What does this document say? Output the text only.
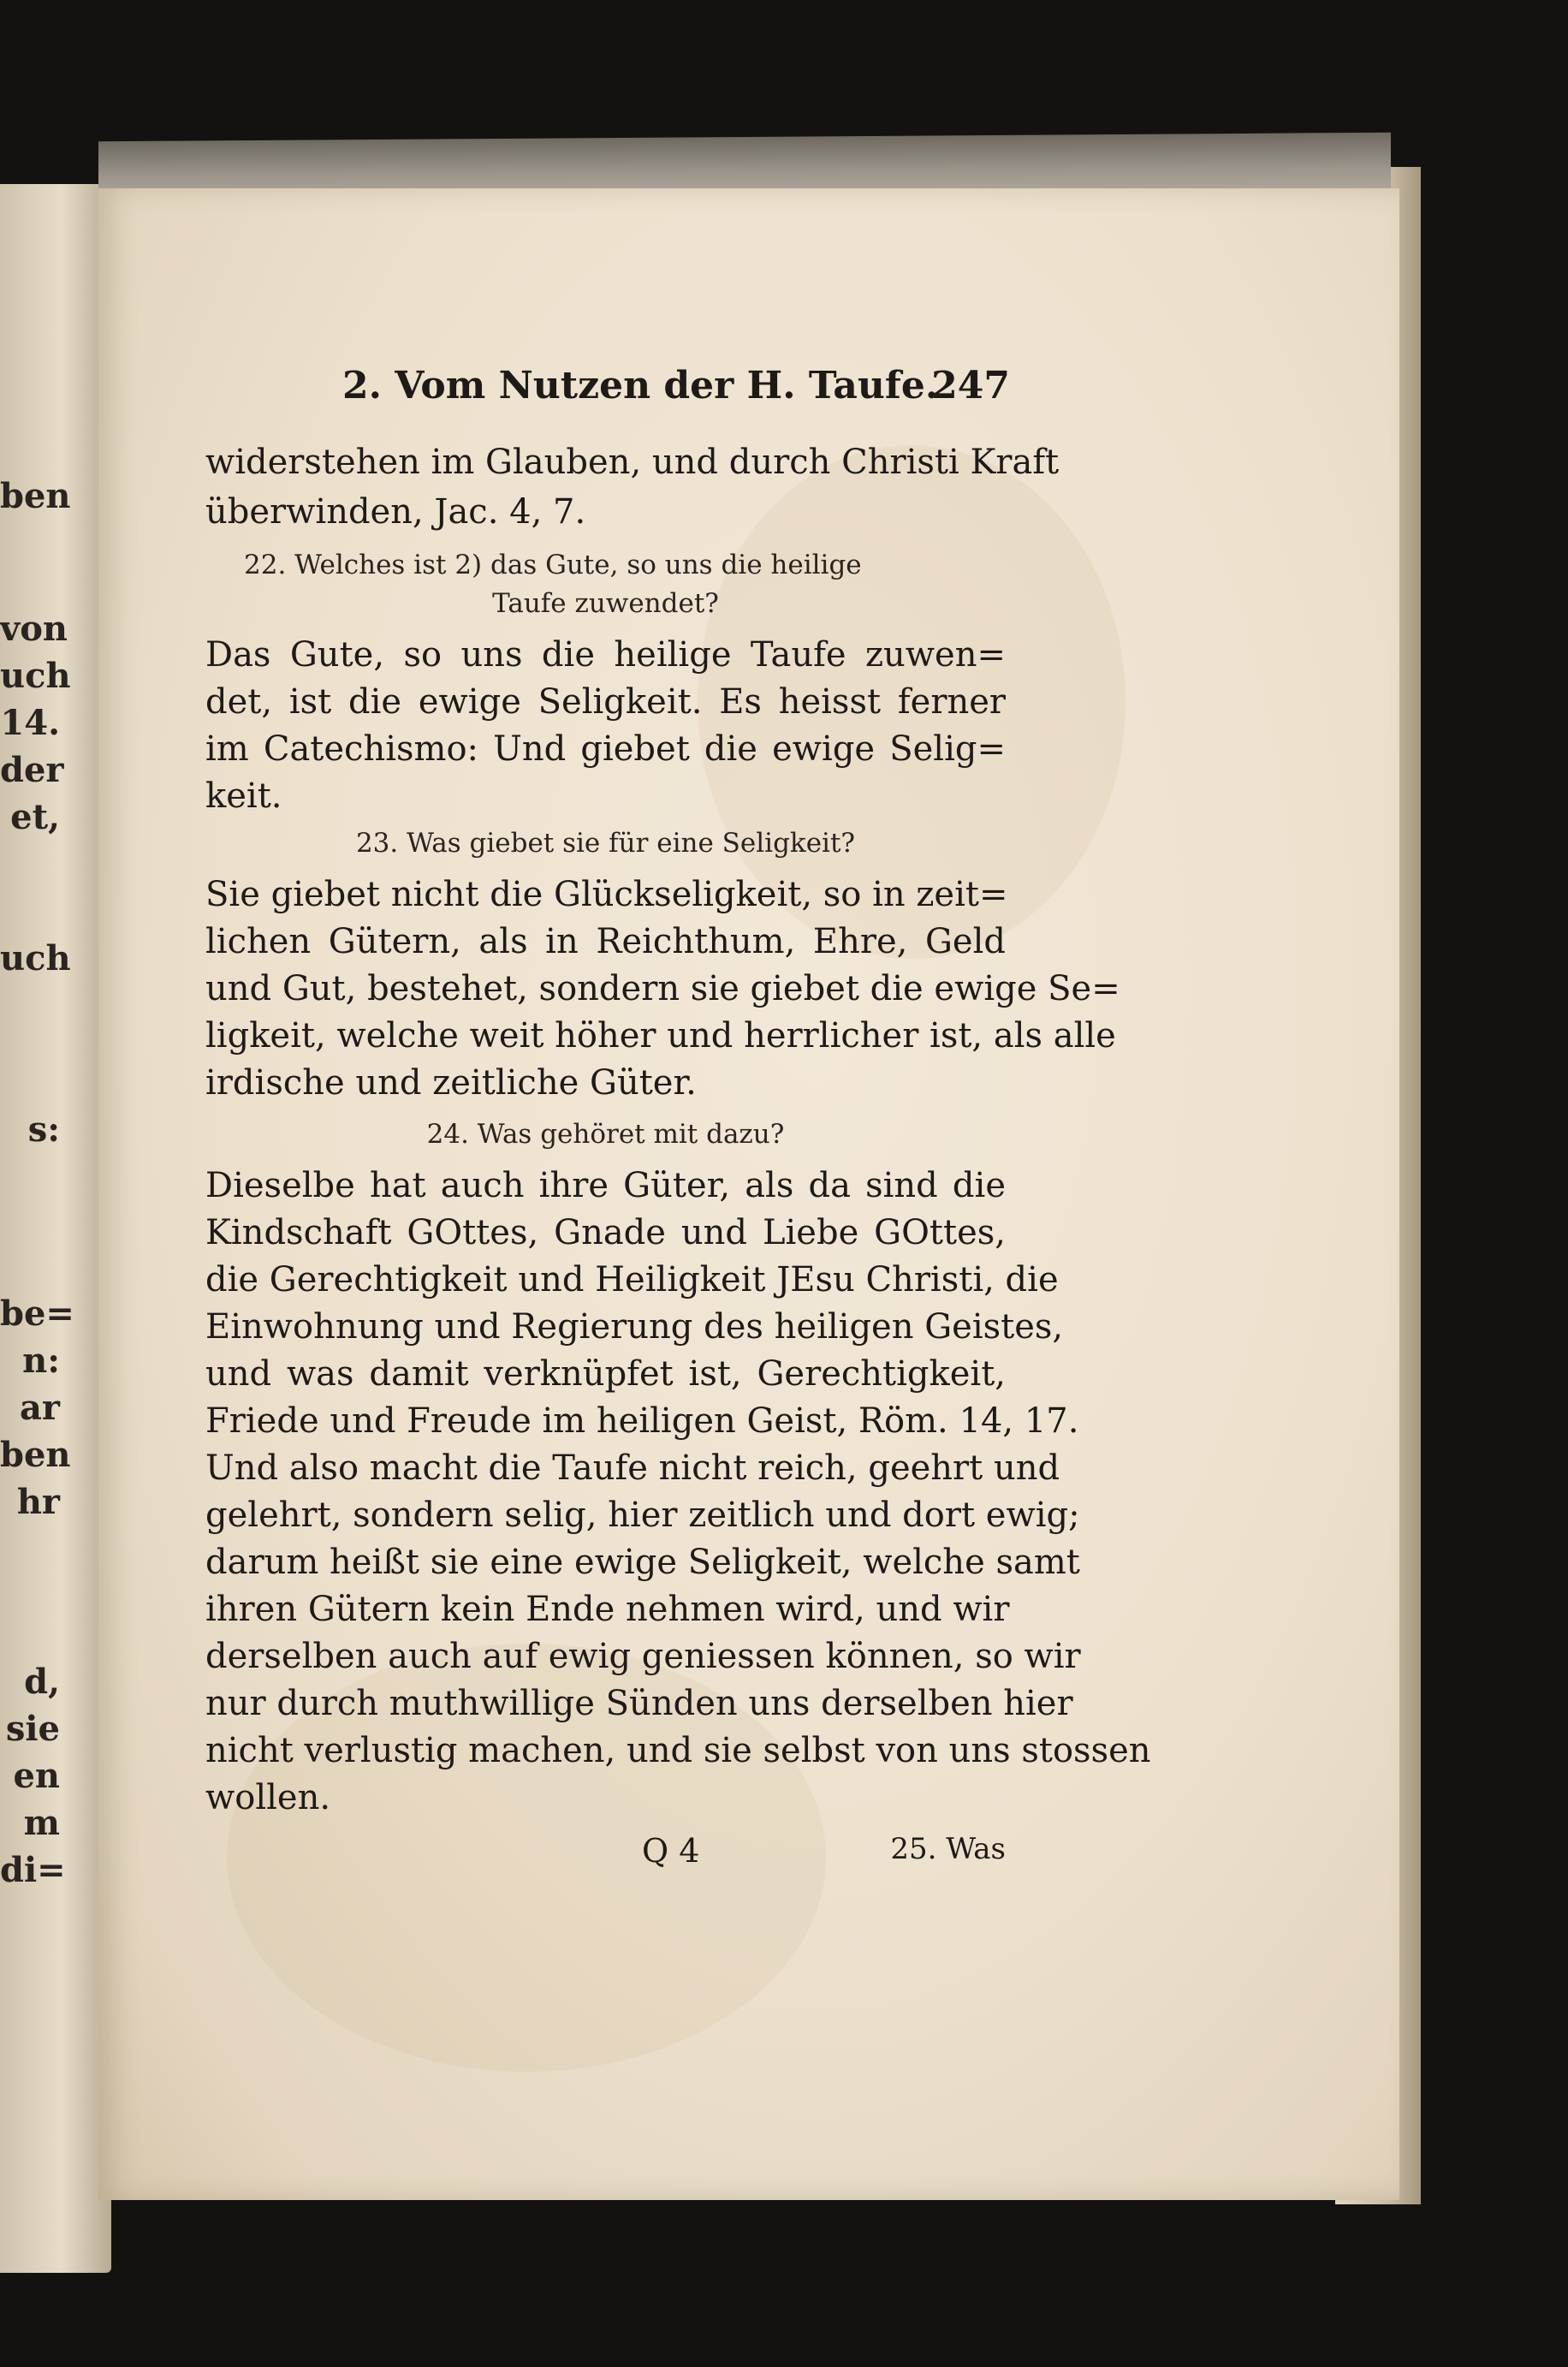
ben
von
uch
14.
der
et,
uch
s:
be=
n:
ar
ben
hr
d,
sie
en
m
di=
2. Vom Nutzen der H. Taufe.
247
widerstehen im Glauben, und durch Christi Kraft
überwinden, Jac. 4, 7.
22. Welches ist 2) das Gute, so uns die heilige
Taufe zuwendet?
Das Gute, so uns die heilige Taufe zuwen=
det, ist die ewige Seligkeit. Es heisst ferner
im Catechismo: Und giebet die ewige Selig=
keit.
23. Was giebet sie für eine Seligkeit?
Sie giebet nicht die Glückseligkeit, so in zeit=
lichen Gütern, als in Reichthum, Ehre, Geld
und Gut, bestehet, sondern sie giebet die ewige Se=
ligkeit, welche weit höher und herrlicher ist, als alle
irdische und zeitliche Güter.
24. Was gehöret mit dazu?
Dieselbe hat auch ihre Güter, als da sind die
Kindschaft GOttes, Gnade und Liebe GOttes,
die Gerechtigkeit und Heiligkeit JEsu Christi, die
Einwohnung und Regierung des heiligen Geistes,
und was damit verknüpfet ist, Gerechtigkeit,
Friede und Freude im heiligen Geist, Röm. 14, 17.
Und also macht die Taufe nicht reich, geehrt und
gelehrt, sondern selig, hier zeitlich und dort ewig;
darum heißt sie eine ewige Seligkeit, welche samt
ihren Gütern kein Ende nehmen wird, und wir
derselben auch auf ewig geniessen können, so wir
nur durch muthwillige Sünden uns derselben hier
nicht verlustig machen, und sie selbst von uns stossen
wollen.
Q 4	25. Was
